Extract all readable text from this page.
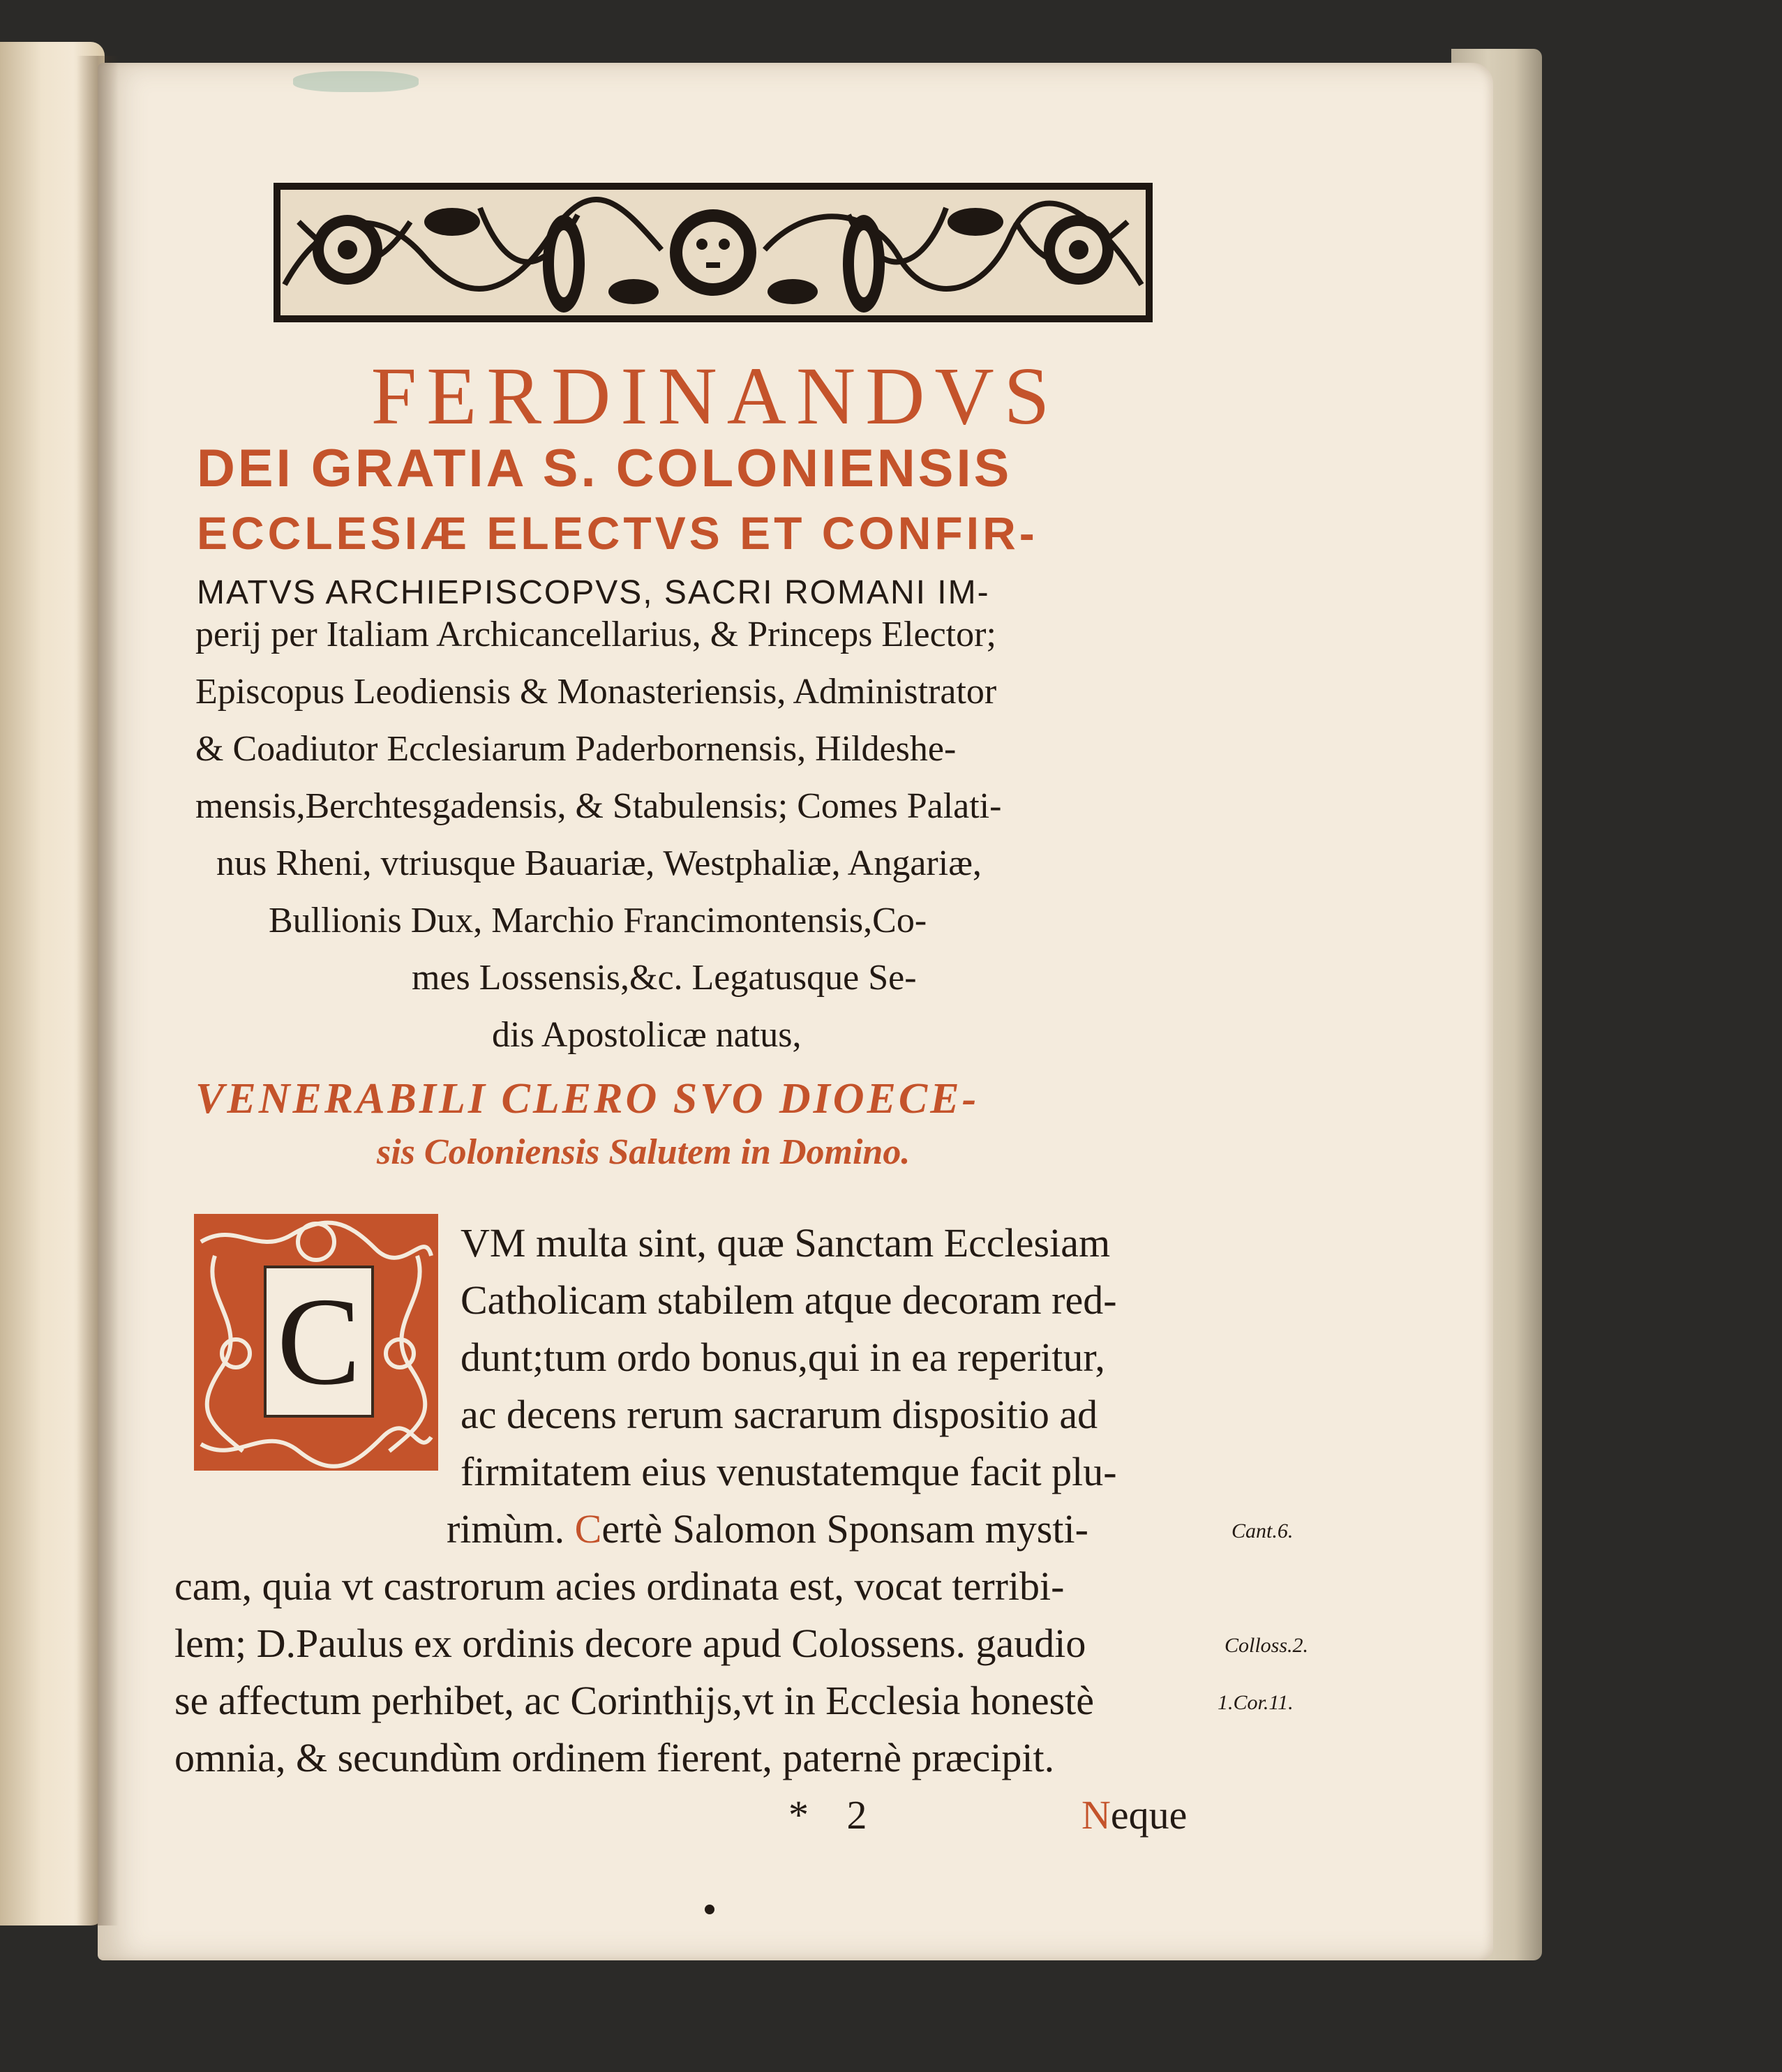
FERDINANDVS
DEI GRATIA S. COLONIENSIS
ECCLESIÆ ELECTVS ET CONFIR-
MATVS ARCHIEPISCOPVS, SACRI ROMANI IM-
perij per Italiam Archicancellarius, & Princeps Elector;
Episcopus Leodiensis & Monasteriensis, Administrator
& Coadiutor Ecclesiarum Paderbornensis, Hildeshe-
mensis,Berchtesgadensis, & Stabulensis; Comes Palati-
nus Rheni, vtriusque Bauariæ, Westphaliæ, Angariæ,
Bullionis Dux, Marchio Francimontensis,Co-
mes Lossensis,&c. Legatusque Se-
dis Apostolicæ natus,
VENERABILI CLERO SVO DIOECE-
sis Coloniensis Salutem in Domino.
C
VM multa sint, quæ Sanctam Ecclesiam
Catholicam stabilem atque decoram red-
dunt;tum ordo bonus,qui in ea reperitur,
ac decens rerum sacrarum dispositio ad
firmitatem eius venustatemque facit plu-
rimùm. Certè Salomon Sponsam mysti-
cam, quia vt castrorum acies ordinata est, vocat terribi-
lem; D.Paulus ex ordinis decore apud Colossens. gaudio
se affectum perhibet, ac Corinthijs,vt in Ecclesia honestè
omnia, & secundùm ordinem fierent, paternè præcipit.
Cant.6.
Colloss.2.
1.Cor.11.
* 2	Neque
